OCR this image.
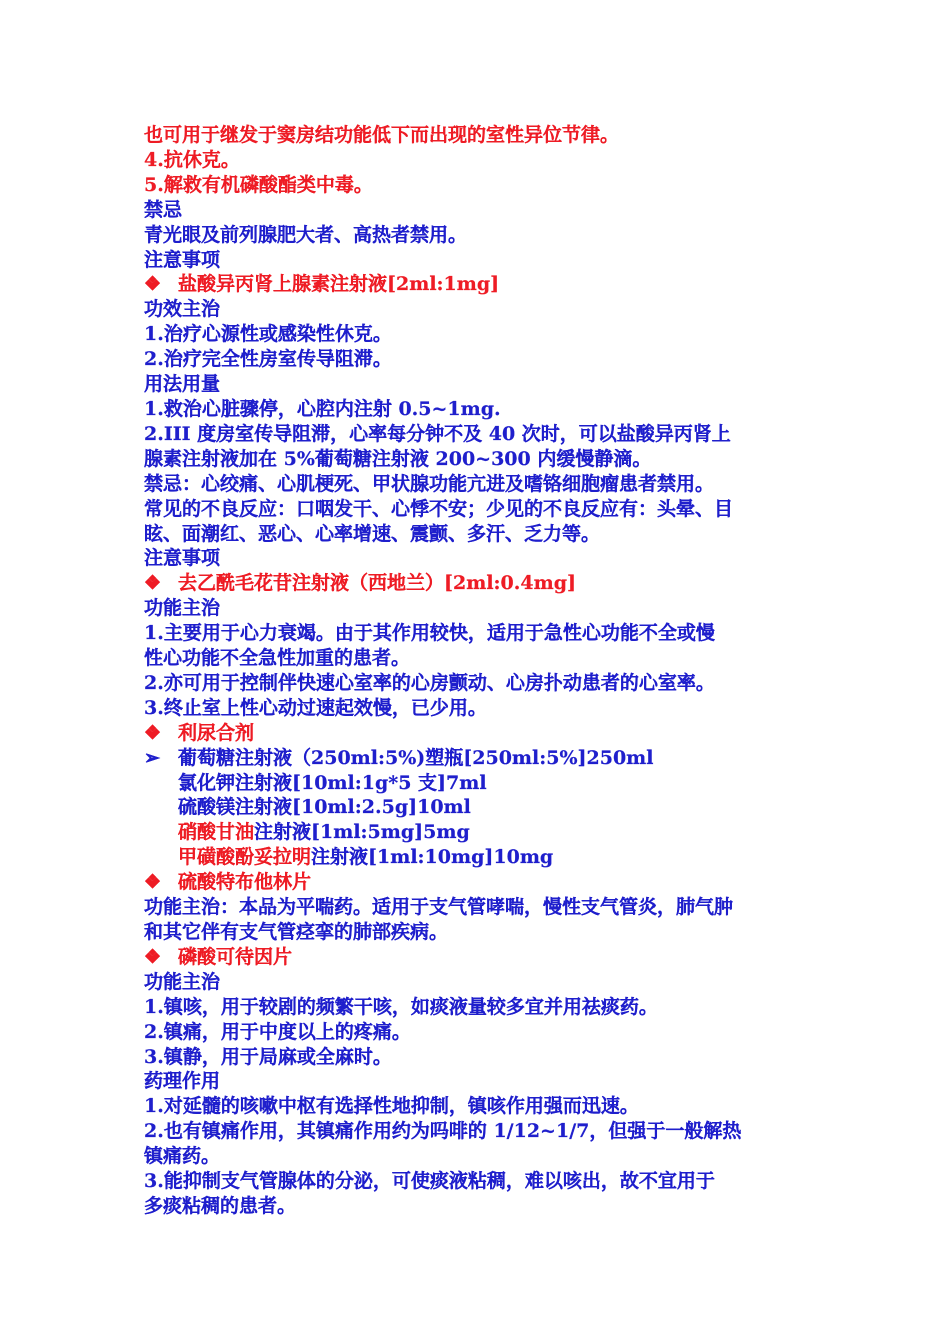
也可用于继发于窦房结功能低下而出现的室性异位节律。
4.抗休克。
5.解救有机磷酸酯类中毒。
禁忌
青光眼及前列腺肥大者、高热者禁用。
注意事项
❖ 盐酸异丙肾上腺素注射液[2ml:1mg]
功效主治
1.治疗心源性或感染性休克。
2.治疗完全性房室传导阻滞。
用法用量
1.救治心脏骤停，心腔内注射 0.5~1mg.
2.III 度房室传导阻滞，心率每分钟不及 40 次时，可以盐酸异丙肾上
腺素注射液加在 5%葡萄糖注射液 200~300 内缓慢静滴。
禁忌：心绞痛、心肌梗死、甲状腺功能亢进及嗜铬细胞瘤患者禁用。
常见的不良反应：口咽发干、心悸不安；少见的不良反应有：头晕、目
眩、面潮红、恶心、心率增速、震颤、多汗、乏力等。
注意事项
❖ 去乙酰毛花苷注射液（西地兰）[2ml:0.4mg]
功能主治
1.主要用于心力衰竭。由于其作用较快，适用于急性心功能不全或慢
性心功能不全急性加重的患者。
2.亦可用于控制伴快速心室率的心房颤动、心房扑动患者的心室率。
3.终止室上性心动过速起效慢，已少用。
❖ 利尿合剂
➢ 葡萄糖注射液（250ml:5%)塑瓶[250ml:5%]250ml
氯化钾注射液[10ml:1g*5 支]7ml
硫酸镁注射液[10ml:2.5g]10ml
硝酸甘油注射液[1ml:5mg]5mg
甲磺酸酚妥拉明注射液[1ml:10mg]10mg
❖ 硫酸特布他林片
功能主治：本品为平喘药。适用于支气管哮喘，慢性支气管炎，肺气肿
和其它伴有支气管痉挛的肺部疾病。
❖ 磷酸可待因片
功能主治
1.镇咳，用于较剧的频繁干咳，如痰液量较多宜并用祛痰药。
2.镇痛，用于中度以上的疼痛。
3.镇静，用于局麻或全麻时。
药理作用
1.对延髓的咳嗽中枢有选择性地抑制，镇咳作用强而迅速。
2.也有镇痛作用，其镇痛作用约为吗啡的 1/12~1/7，但强于一般解热
镇痛药。
3.能抑制支气管腺体的分泌，可使痰液粘稠，难以咳出，故不宜用于
多痰粘稠的患者。
